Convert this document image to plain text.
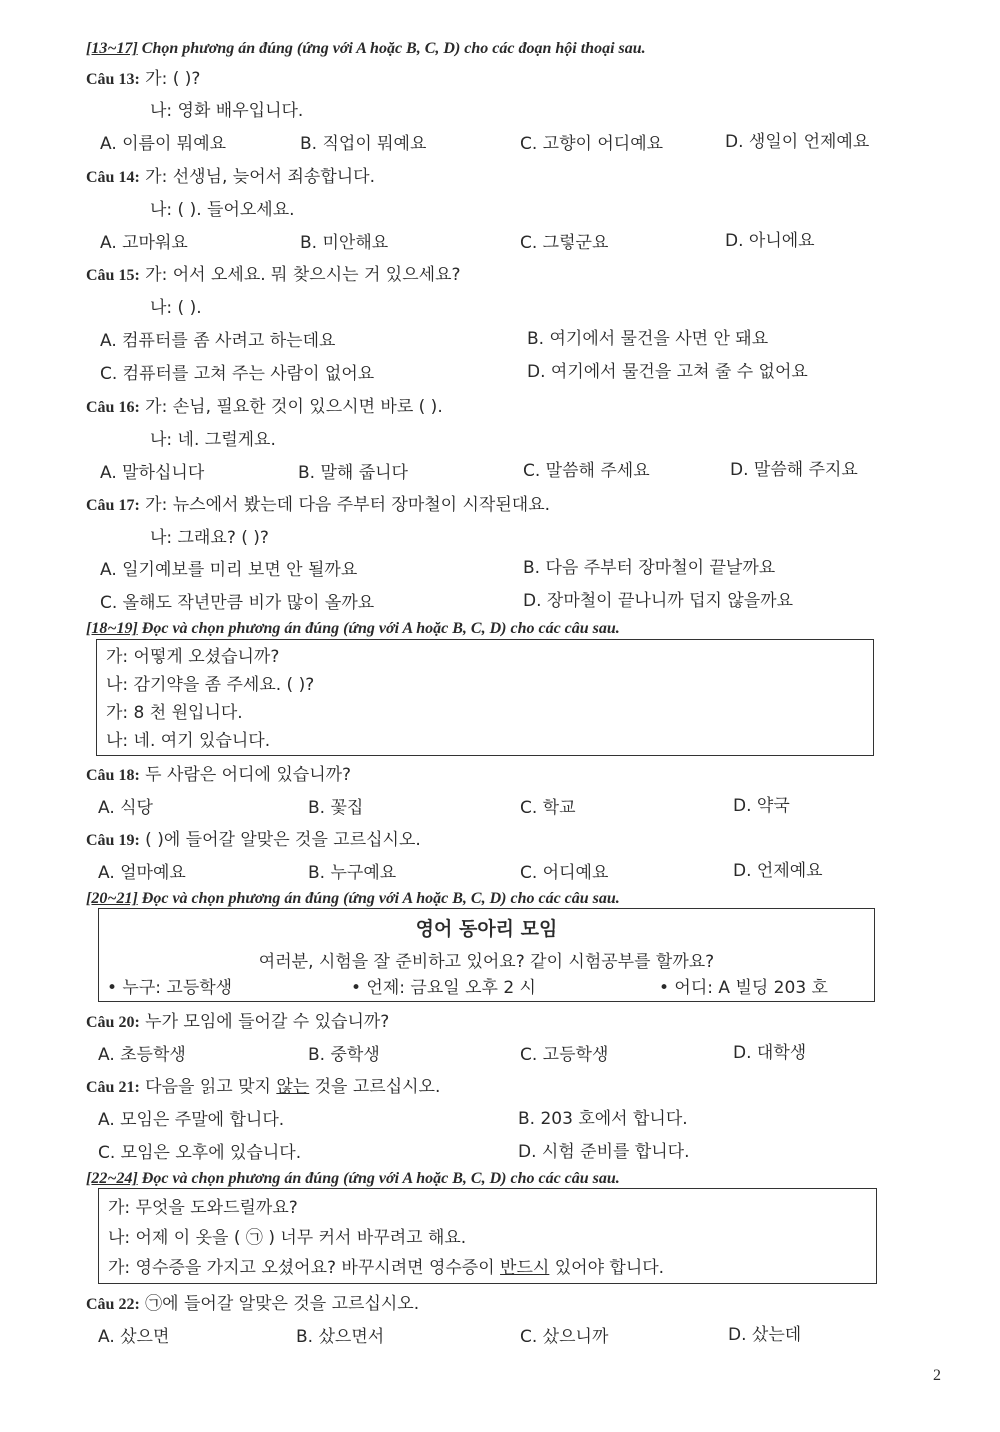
[13~17] Chọn phương án đúng (ứng với A hoặc B, C, D) cho các đoạn hội thoại sau.
Câu 13: 가: ( )?
나: 영화 배우입니다.
A. 이름이 뭐예요	B. 직업이 뭐예요	C. 고향이 어디예요	D. 생일이 언제예요
Câu 14: 가: 선생님, 늦어서 죄송합니다.
나: ( ). 들어오세요.
A. 고마워요	B. 미안해요	C. 그렇군요	D. 아니에요
Câu 15: 가: 어서 오세요. 뭐 찾으시는 거 있으세요?
나: ( ).
A. 컴퓨터를 좀 사려고 하는데요	B. 여기에서 물건을 사면 안 돼요
C. 컴퓨터를 고쳐 주는 사람이 없어요	D. 여기에서 물건을 고쳐 줄 수 없어요
Câu 16: 가: 손님, 필요한 것이 있으시면 바로 ( ).
나: 네. 그럴게요.
A. 말하십니다	B. 말해 줍니다	C. 말씀해 주세요	D. 말씀해 주지요
Câu 17: 가: 뉴스에서 봤는데 다음 주부터 장마철이 시작된대요.
나: 그래요? ( )?
A. 일기예보를 미리 보면 안 될까요	B. 다음 주부터 장마철이 끝날까요
C. 올해도 작년만큼 비가 많이 올까요	D. 장마철이 끝나니까 덥지 않을까요
[18~19] Đọc và chọn phương án đúng (ứng với A hoặc B, C, D) cho các câu sau.
가: 어떻게 오셨습니까?
나: 감기약을 좀 주세요. ( )?
가: 8 천 원입니다.
나: 네. 여기 있습니다.
Câu 18: 두 사람은 어디에 있습니까?
A. 식당	B. 꽃집	C. 학교	D. 약국
Câu 19: ( )에 들어갈 알맞은 것을 고르십시오.
A. 얼마예요	B. 누구예요	C. 어디예요	D. 언제예요
[20~21] Đọc và chọn phương án đúng (ứng với A hoặc B, C, D) cho các câu sau.
영어 동아리 모임
여러분, 시험을 잘 준비하고 있어요? 같이 시험공부를 할까요?
• 누구: 고등학생	• 언제: 금요일 오후 2 시	• 어디: A 빌딩 203 호
Câu 20: 누가 모임에 들어갈 수 있습니까?
A. 초등학생	B. 중학생	C. 고등학생	D. 대학생
Câu 21: 다음을 읽고 맞지 않는 것을 고르십시오.
A. 모임은 주말에 합니다.	B. 203 호에서 합니다.
C. 모임은 오후에 있습니다.	D. 시험 준비를 합니다.
[22~24] Đọc và chọn phương án đúng (ứng với A hoặc B, C, D) cho các câu sau.
가: 무엇을 도와드릴까요?
나: 어제 이 옷을 ( ㉠ ) 너무 커서 바꾸려고 해요.
가: 영수증을 가지고 오셨어요? 바꾸시려면 영수증이 반드시 있어야 합니다.
Câu 22: ㉠에 들어갈 알맞은 것을 고르십시오.
A. 샀으면	B. 샀으면서	C. 샀으니까	D. 샀는데
2
